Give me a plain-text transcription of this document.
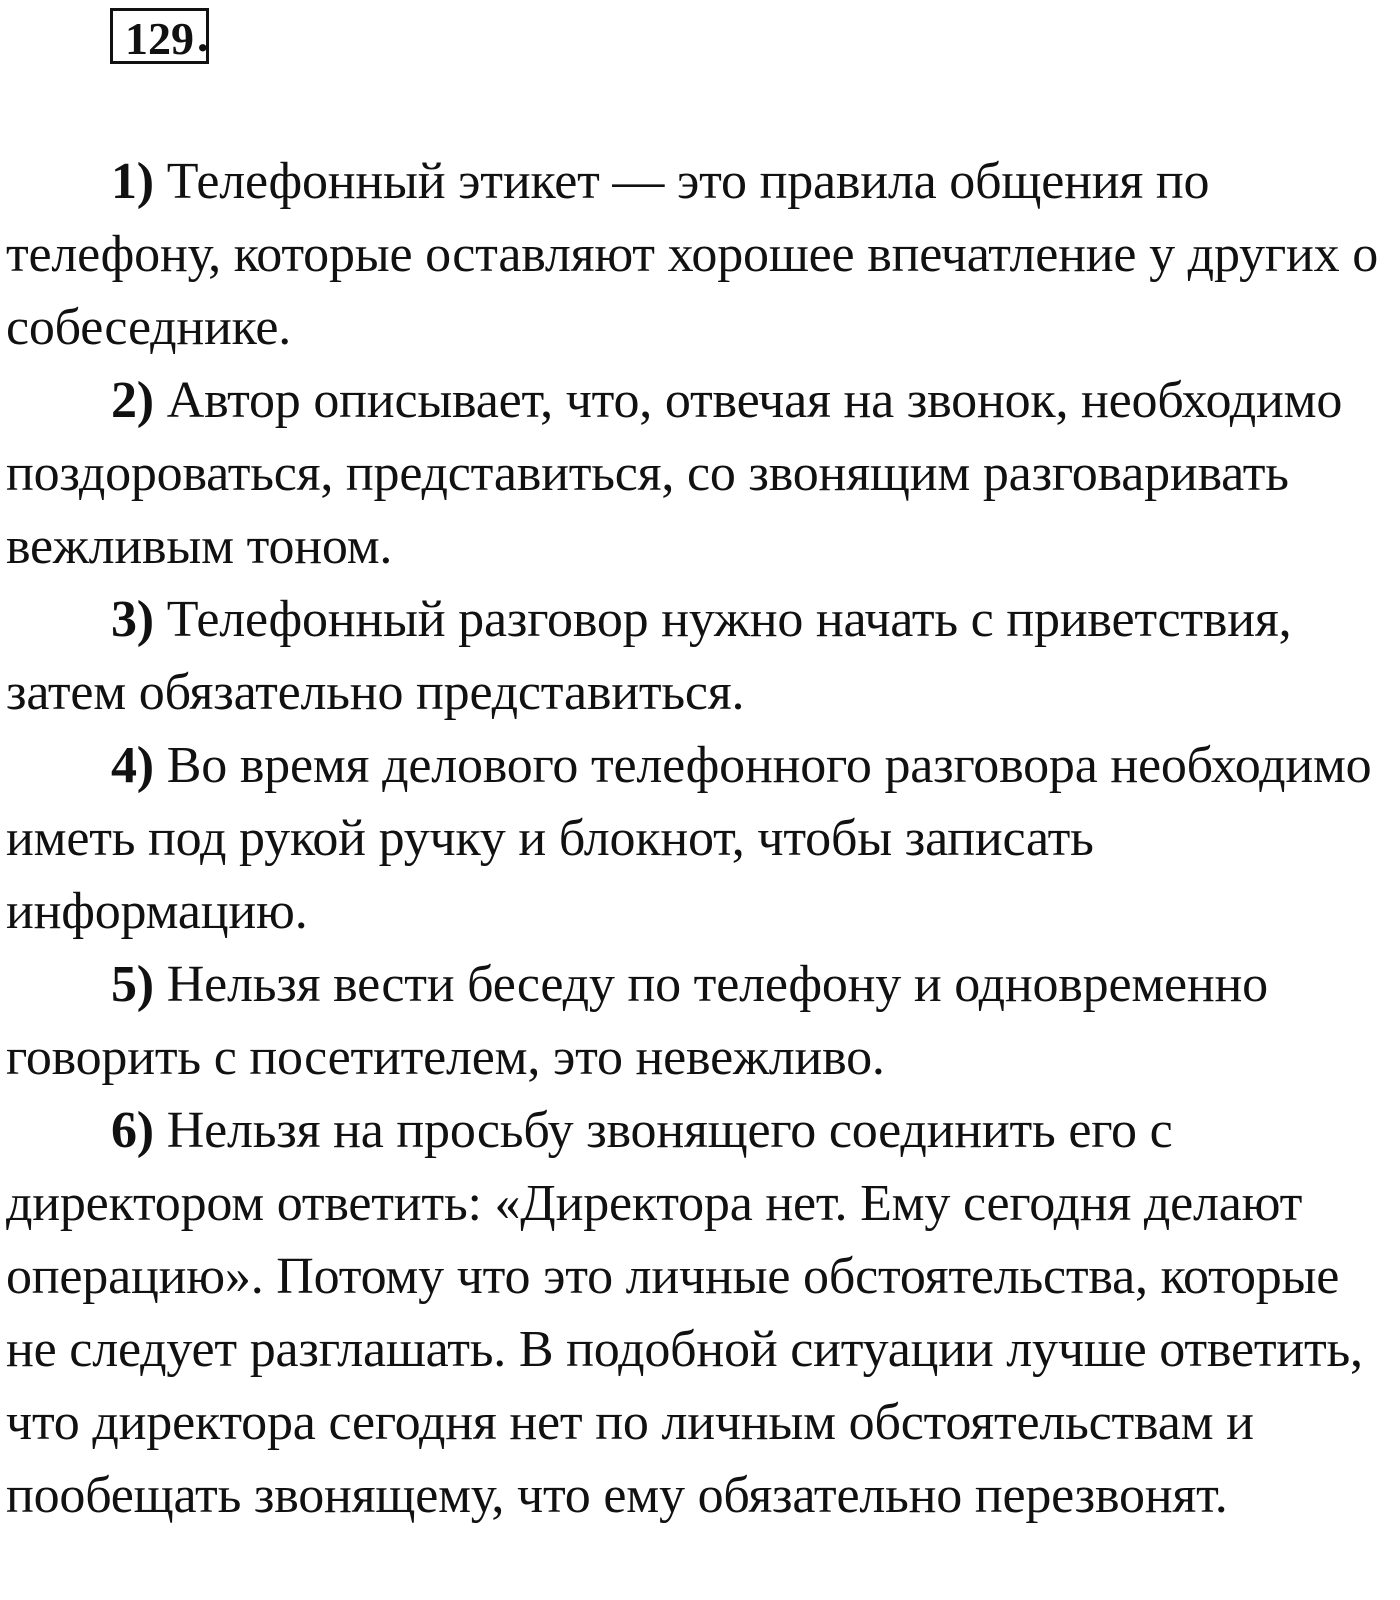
129 .

1) Телефонный этикет — это правила общения по телефону, которые оставляют хорошее впечатление у других о собеседнике.

2) Автор описывает, что, отвечая на звонок, необходимо поздороваться, представиться, со звонящим разговаривать вежливым тоном.

3) Телефонный разговор нужно начать с приветствия, затем обязательно представиться.

4) Во время делового телефонного разговора необходимо иметь под рукой ручку и блокнот, чтобы записать информацию.

5) Нельзя вести беседу по телефону и одновременно говорить с посетителем, это невежливо.

6) Нельзя на просьбу звонящего соединить его с директором ответить: «Директора нет. Ему сегодня делают операцию». Потому что это личные обстоятельства, которые не следует разглашать. В подобной ситуации лучше ответить, что директора сегодня нет по личным обстоятельствам и пообещать звонящему, что ему обязательно перезвонят.
